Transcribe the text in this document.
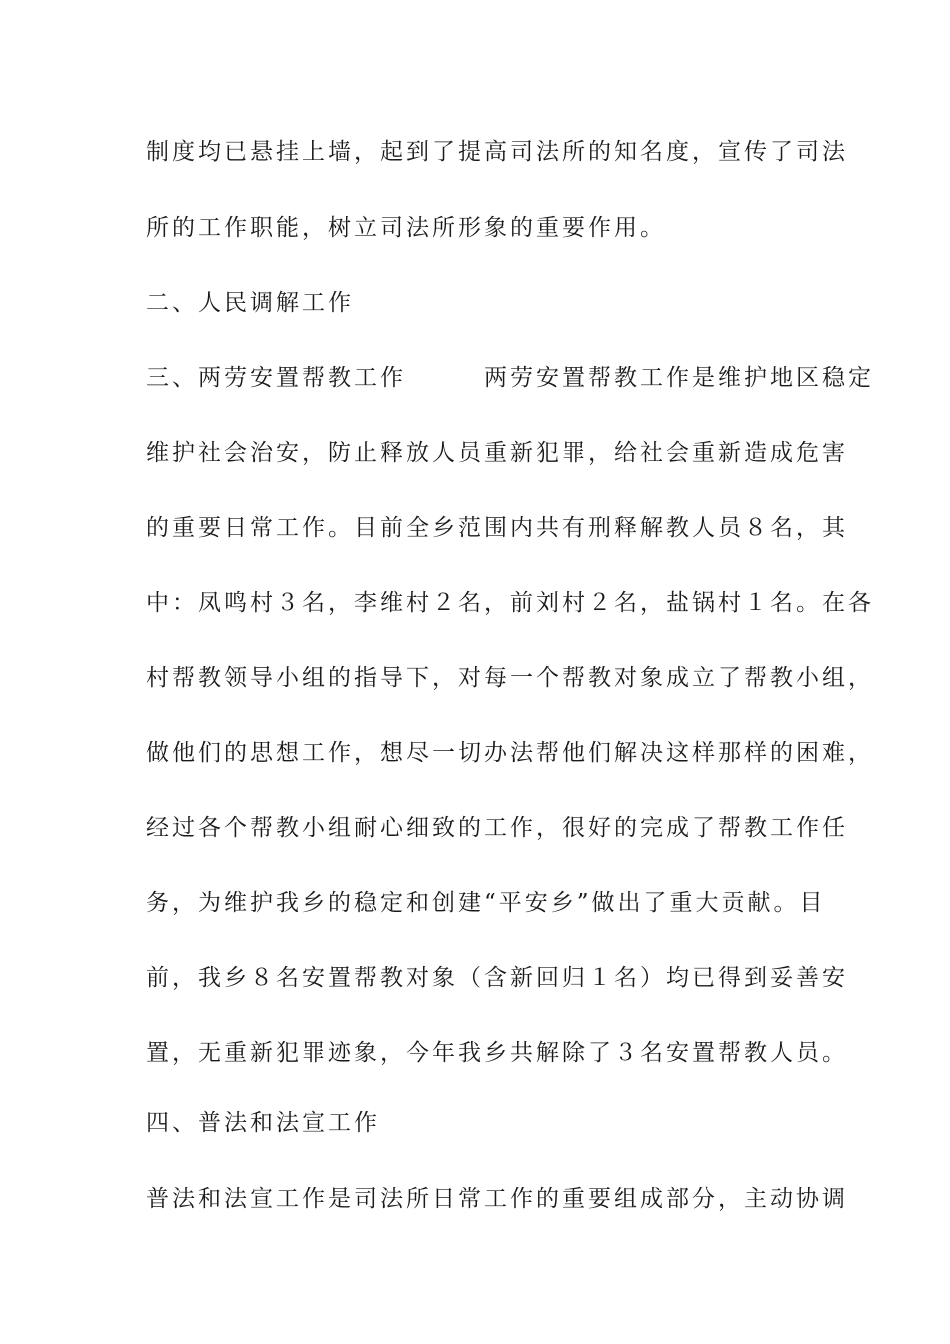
制度均已悬挂上墙，起到了提高司法所的知名度，宣传了司法
所的工作职能，树立司法所形象的重要作用。
二、人民调解工作
三、两劳安置帮教工作　　　两劳安置帮教工作是维护地区稳定
维护社会治安，防止释放人员重新犯罪，给社会重新造成危害
的重要日常工作。目前全乡范围内共有刑释解教人员８名，其
中：凤鸣村３名，李维村２名，前刘村２名，盐锅村１名。在各
村帮教领导小组的指导下，对每一个帮教对象成立了帮教小组，
做他们的思想工作，想尽一切办法帮他们解决这样那样的困难，
经过各个帮教小组耐心细致的工作，很好的完成了帮教工作任
务，为维护我乡的稳定和创建“平安乡”做出了重大贡献。目
前，我乡８名安置帮教对象（含新回归１名）均已得到妥善安
置，无重新犯罪迹象，今年我乡共解除了３名安置帮教人员。
四、普法和法宣工作
普法和法宣工作是司法所日常工作的重要组成部分，主动协调
